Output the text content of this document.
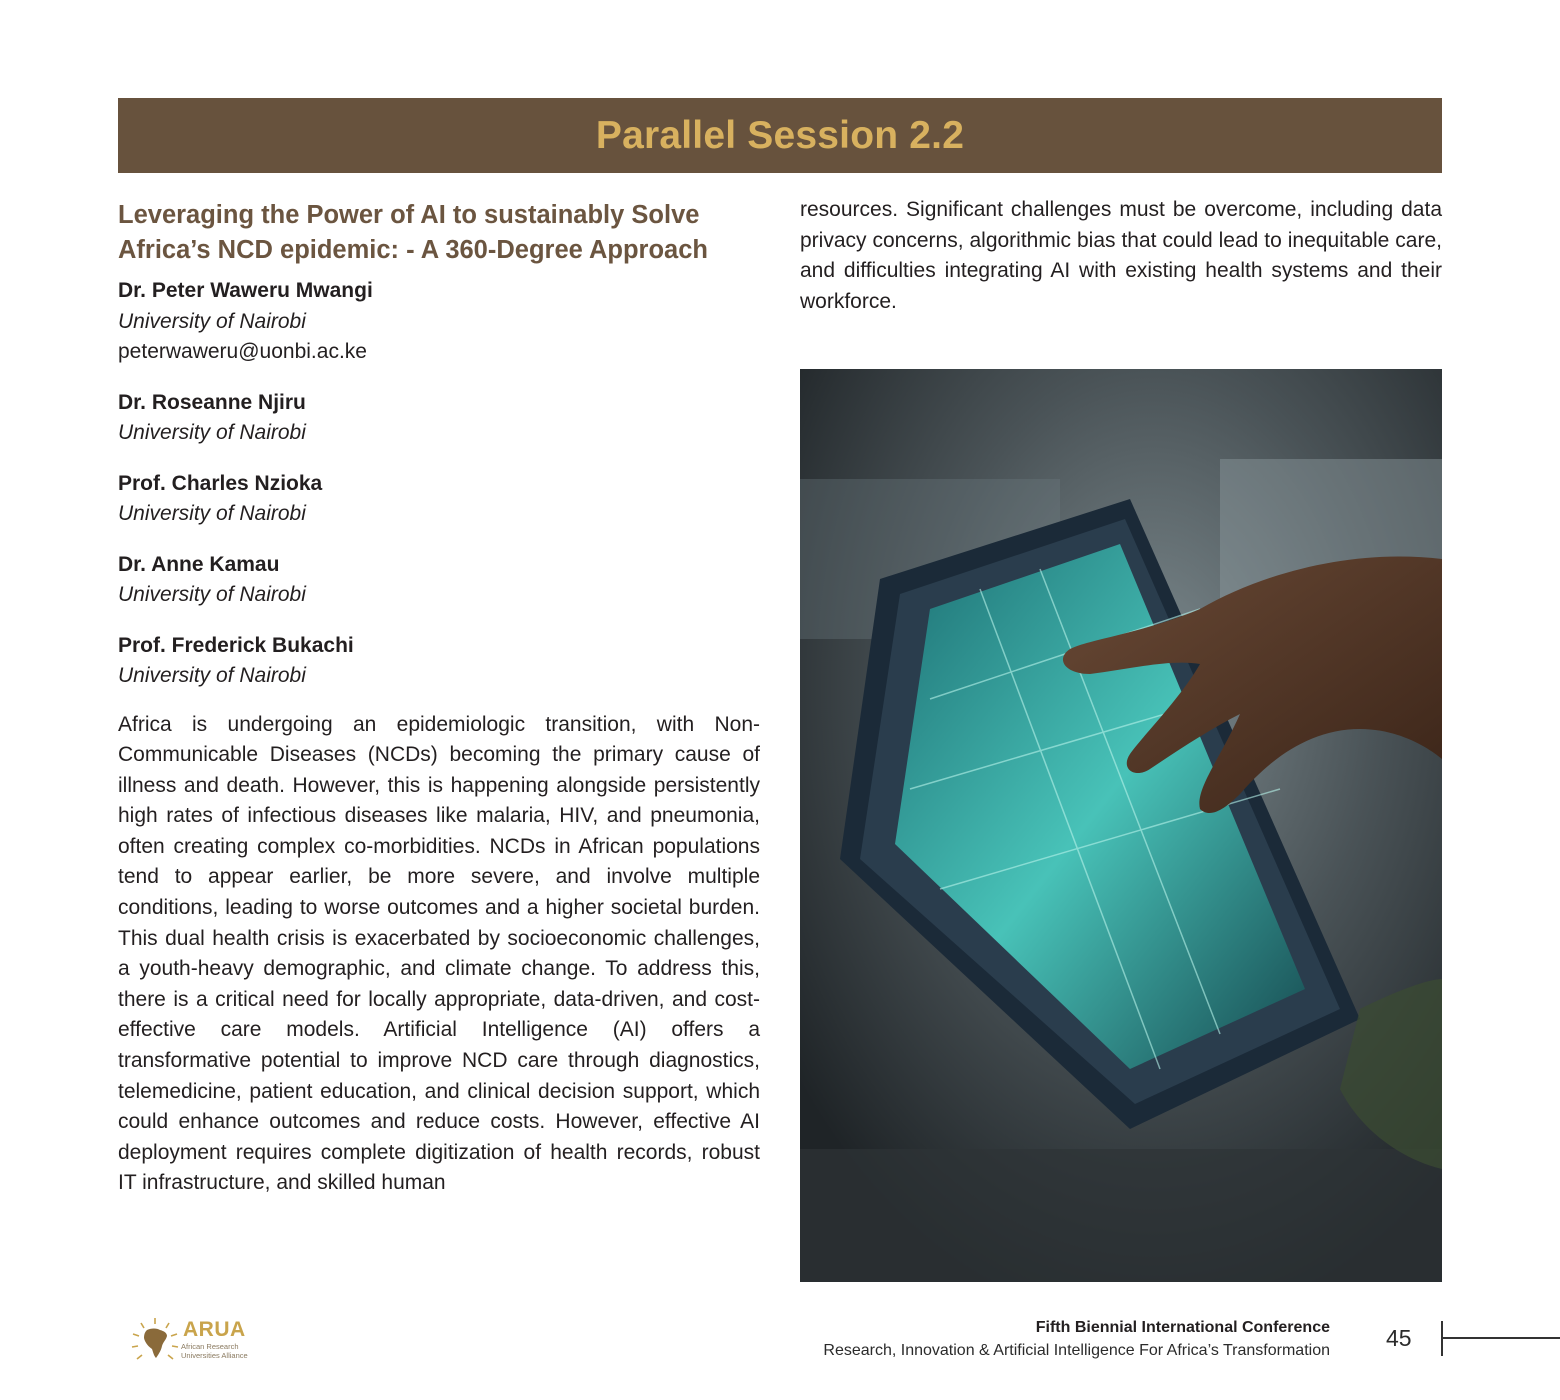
Parallel Session 2.2
Leveraging the Power of AI to sustainably Solve Africa’s NCD epidemic: - A 360-Degree Approach
Dr. Peter Waweru Mwangi
University of Nairobi
peterwaweru@uonbi.ac.ke
Dr. Roseanne Njiru
University of Nairobi
Prof. Charles Nzioka
University of Nairobi
Dr. Anne Kamau
University of Nairobi
Prof. Frederick Bukachi
University of Nairobi

Africa is undergoing an epidemiologic transition, with Non-Communicable Diseases (NCDs) becoming the primary cause of illness and death. However, this is happening alongside persistently high rates of infectious diseases like malaria, HIV, and pneumonia, often creating complex co-morbidities. NCDs in African populations tend to appear earlier, be more severe, and involve multiple conditions, leading to worse outcomes and a higher societal burden. This dual health crisis is exacerbated by socioeconomic challenges, a youth-heavy demographic, and climate change. To address this, there is a critical need for locally appropriate, data-driven, and cost-effective care models. Artificial Intelligence (AI) offers a transformative potential to improve NCD care through diagnostics, telemedicine, patient education, and clinical decision support, which could enhance outcomes and reduce costs. However, effective AI deployment requires complete digitization of health records, robust IT infrastructure, and skilled human

resources. Significant challenges must be overcome, including data privacy concerns, algorithmic bias that could lead to inequitable care, and difficulties integrating AI with existing health systems and their workforce.

ARUA
African Research
Universities Alliance
Fifth Biennial International Conference
Research, Innovation & Artificial Intelligence For Africa’s Transformation 45
